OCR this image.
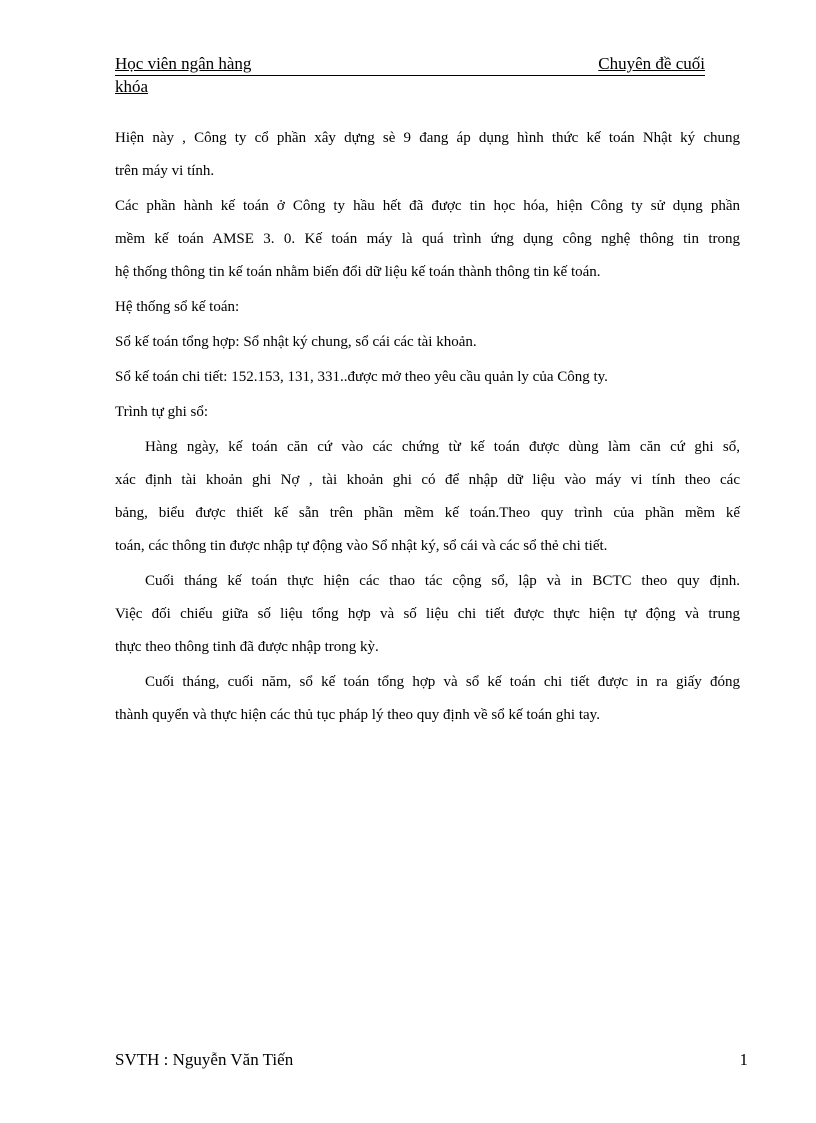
Học viên ngân hàng	Chuyên đề cuối
khóa
Hiện này , Công ty cổ phần xây dựng sè 9 đang áp dụng hình thức kế toán Nhật ký chung
trên máy vi tính.
Các phần hành kế toán ở Công ty hầu hết đã được tin học hóa, hiện Công ty sử dụng phần
mềm kế toán AMSE 3. 0. Kế toán máy là quá trình ứng dụng công nghệ thông tin trong
hệ thống thông tin kế toán nhằm biến đổi dữ liệu kế toán thành thông tin kế toán.
Hệ thống sổ kế toán:
Sổ kế toán tổng hợp: Sổ nhật ký chung, sổ cái các tài khoản.
Sổ kế toán chi tiết: 152.153, 131, 331..được mở theo yêu cầu quản ly của Công ty.
Trình tự ghi sổ:
Hàng ngày, kế toán căn cứ vào các chứng từ kế toán được dùng làm căn cứ ghi sổ,
xác định tài khoản ghi Nợ , tài khoản ghi có để nhập dữ liệu vào máy vi tính theo các
bảng, biểu được thiết kế sẵn trên phần mềm kế toán.Theo quy trình của phần mềm kế
toán, các thông tin được nhập tự động vào Sổ nhật ký, sổ cái và các sổ thẻ chi tiết.
Cuối tháng kế toán thực hiện các thao tác cộng sổ, lập và in BCTC theo quy định.
Việc đối chiếu giữa số liệu tổng hợp và số liệu chi tiết được thực hiện tự động và trung
thực theo thông tinh đã được nhập trong kỳ.
Cuối tháng, cuối năm, sổ kế toán tổng hợp và sổ kế toán chi tiết được in ra giấy đóng
thành quyển và thực hiện các thủ tục pháp lý theo quy định về sổ kế toán ghi tay.
SVTH : Nguyễn Văn Tiến	1
